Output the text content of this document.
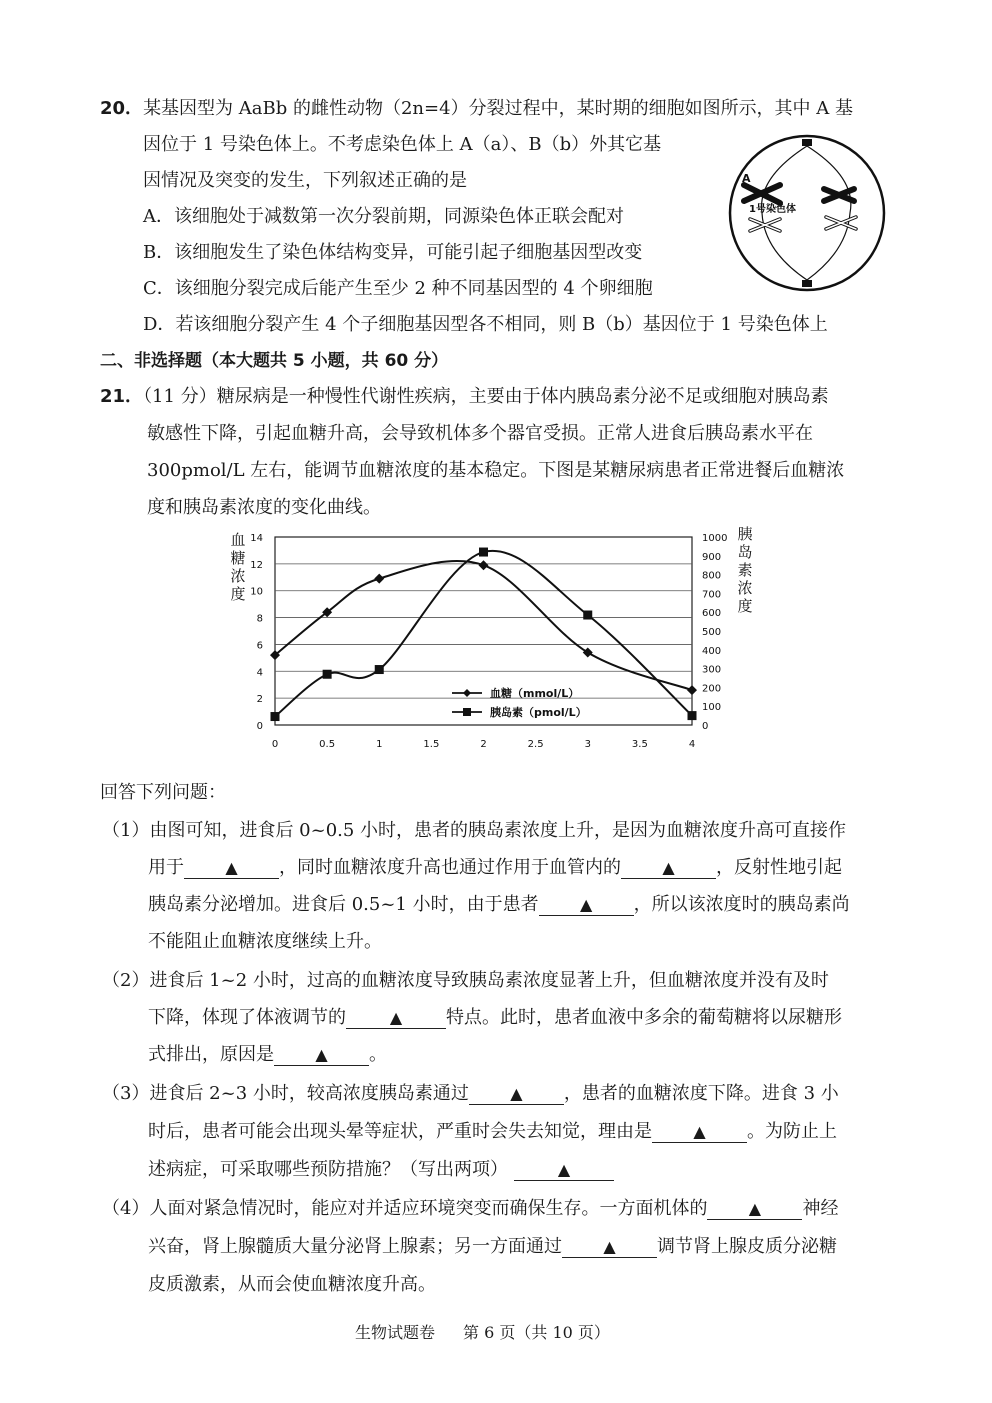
20．某基因型为 AaBb 的雌性动物（2n=4）分裂过程中，某时期的细胞如图所示，其中 A 基
因位于 1 号染色体上。不考虑染色体上 A（a）、B（b）外其它基
因情况及突变的发生，下列叙述正确的是
A．该细胞处于减数第一次分裂前期，同源染色体正联会配对
B．该细胞发生了染色体结构变异，可能引起子细胞基因型改变
C．该细胞分裂完成后能产生至少 2 种不同基因型的 4 个卵细胞
D．若该细胞分裂产生 4 个子细胞基因型各不相同，则 B（b）基因位于 1 号染色体上
A
1号染色体
二、非选择题（本大题共 5 小题，共 60 分）
21．（11 分）糖尿病是一种慢性代谢性疾病，主要由于体内胰岛素分泌不足或细胞对胰岛素
敏感性下降，引起血糖升高，会导致机体多个器官受损。正常人进食后胰岛素水平在
300pmol/L 左右，能调节血糖浓度的基本稳定。下图是某糖尿病患者正常进餐后血糖浓
度和胰岛素浓度的变化曲线。
0
2
4
6
8
10
12
14
0
100
200
300
400
500
600
700
800
900
1000
0	0.5	1	1.5	2	2.5	3	3.5	4
血
糖
浓
度
胰
岛
素
浓
度
血糖（mmol/L）
胰岛素（pmol/L）
回答下列问题：
（1）由图可知，进食后 0~0.5 小时，患者的胰岛素浓度上升，是因为血糖浓度升高可直接作
用于	▲ ，同时血糖浓度升高也通过作用于血管内的	▲ ，反射性地引起
胰岛素分泌增加。进食后 0.5~1 小时，由于患者	▲ ，所以该浓度时的胰岛素尚
不能阻止血糖浓度继续上升。
（2）进食后 1~2 小时，过高的血糖浓度导致胰岛素浓度显著上升，但血糖浓度并没有及时
下降，体现了体液调节的	▲ 特点。此时，患者血液中多余的葡萄糖将以尿糖形
式排出，原因是	▲ 。
（3）进食后 2~3 小时，较高浓度胰岛素通过	▲ ，患者的血糖浓度下降。进食 3 小
时后，患者可能会出现头晕等症状，严重时会失去知觉，理由是	▲ 。为防止上
述病症，可采取哪些预防措施？（写出两项）	▲
（4）人面对紧急情况时，能应对并适应环境突变而确保生存。一方面机体的	▲ 神经
兴奋，肾上腺髓质大量分泌肾上腺素；另一方面通过	▲ 调节肾上腺皮质分泌糖
皮质激素，从而会使血糖浓度升高。
生物试题卷 第 6 页（共 10 页）
